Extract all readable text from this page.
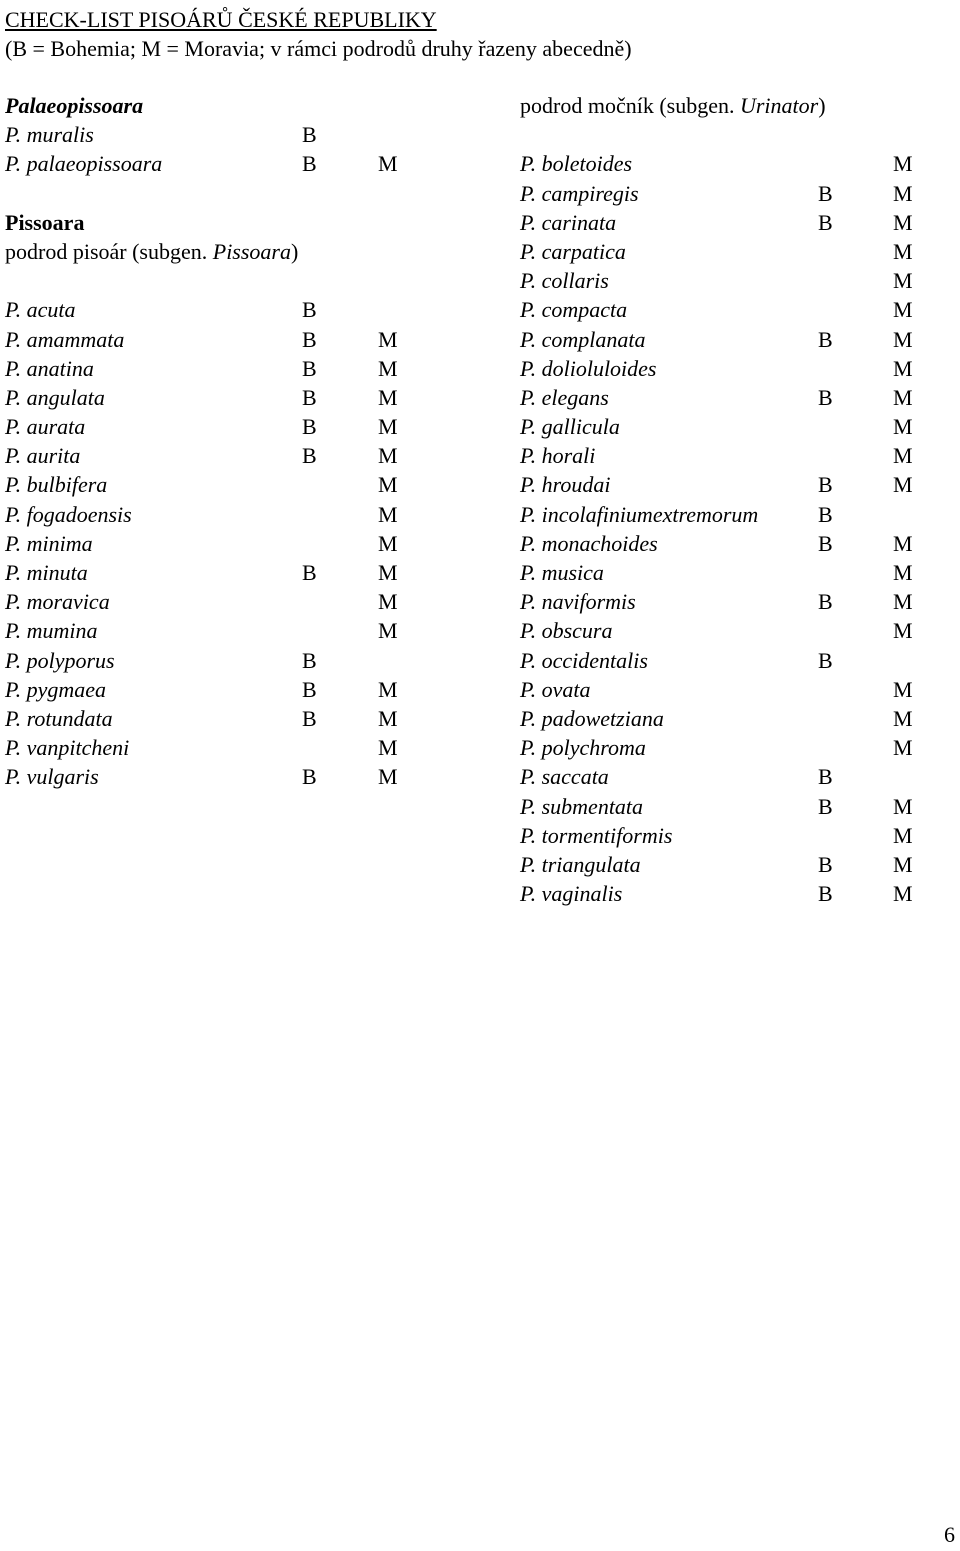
CHECK-LIST PISOÁRŮ ČESKÉ REPUBLIKY
(B = Bohemia; M = Moravia; v rámci podrodů druhy řazeny abecedně)
Palaeopissoara
P. muralis	B
P. palaeopissoara	B	M
Pissoara
podrod pisoár (subgen. Pissoara)
P. acuta	B
P. amammata	B	M
P. anatina	B	M
P. angulata	B	M
P. aurata	B	M
P. aurita	B	M
P. bulbifera	M
P. fogadoensis	M
P. minima	M
P. minuta	B	M
P. moravica	M
P. mumina	M
P. polyporus	B
P. pygmaea	B	M
P. rotundata	B	M
P. vanpitcheni	M
P. vulgaris	B	M
podrod močník (subgen. Urinator)
P. boletoides	M
P. campiregis	B	M
P. carinata	B	M
P. carpatica	M
P. collaris	M
P. compacta	M
P. complanata	B	M
P. dolioluloides	M
P. elegans	B	M
P. gallicula	M
P. horali	M
P. hroudai	B	M
P. incolafiniumextremorum	B
P. monachoides	B	M
P. musica	M
P. naviformis	B	M
P. obscura	M
P. occidentalis	B
P. ovata	M
P. padowetziana	M
P. polychroma	M
P. saccata	B
P. submentata	B	M
P. tormentiformis	M
P. triangulata	B	M
P. vaginalis	B	M
6
